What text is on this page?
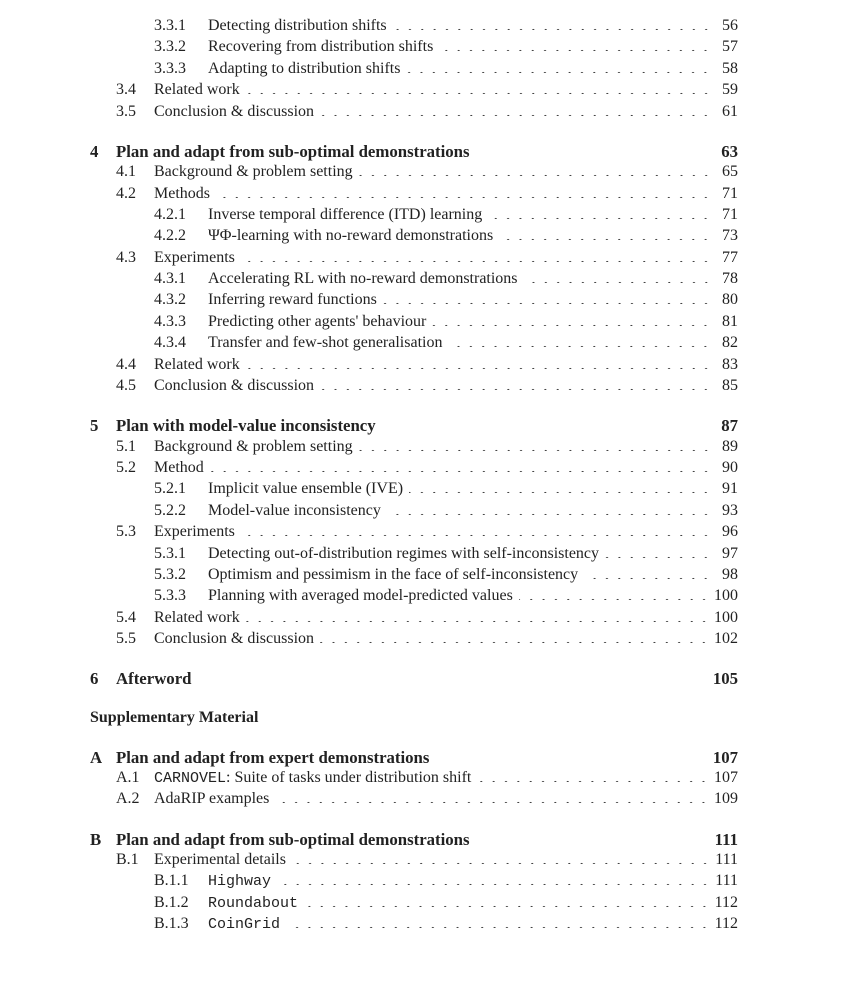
3.3.1	Detecting distribution shifts	56
3.3.2	Recovering from distribution shifts	57
3.3.3	Adapting to distribution shifts	58
3.4	Related work	59
3.5	Conclusion & discussion	61
4	Plan and adapt from sub-optimal demonstrations	63
4.1	Background & problem setting	65
4.2	Methods	71
4.2.1	Inverse temporal difference (ITD) learning	71
4.2.2	ΨΦ-learning with no-reward demonstrations	73
4.3	Experiments	77
4.3.1	Accelerating RL with no-reward demonstrations	78
4.3.2	Inferring reward functions	80
4.3.3	Predicting other agents' behaviour	81
4.3.4	Transfer and few-shot generalisation	82
4.4	Related work	83
4.5	Conclusion & discussion	85
5	Plan with model-value inconsistency	87
5.1	Background & problem setting	89
5.2	Method	90
5.2.1	Implicit value ensemble (IVE)	91
5.2.2	Model-value inconsistency	93
5.3	Experiments	96
5.3.1	Detecting out-of-distribution regimes with self-inconsistency	97
5.3.2	Optimism and pessimism in the face of self-inconsistency	98
5.3.3	Planning with averaged model-predicted values	100
5.4	Related work	100
5.5	Conclusion & discussion	102
6	Afterword	105
Supplementary Material
A Plan and adapt from expert demonstrations	107
A.1 CARNOVEL: Suite of tasks under distribution shift	107
A.2 AdaRIP examples	109
B Plan and adapt from sub-optimal demonstrations	111
B.1 Experimental details	111
B.1.1	Highway	111
B.1.2	Roundabout	112
B.1.3	CoinGrid	112
